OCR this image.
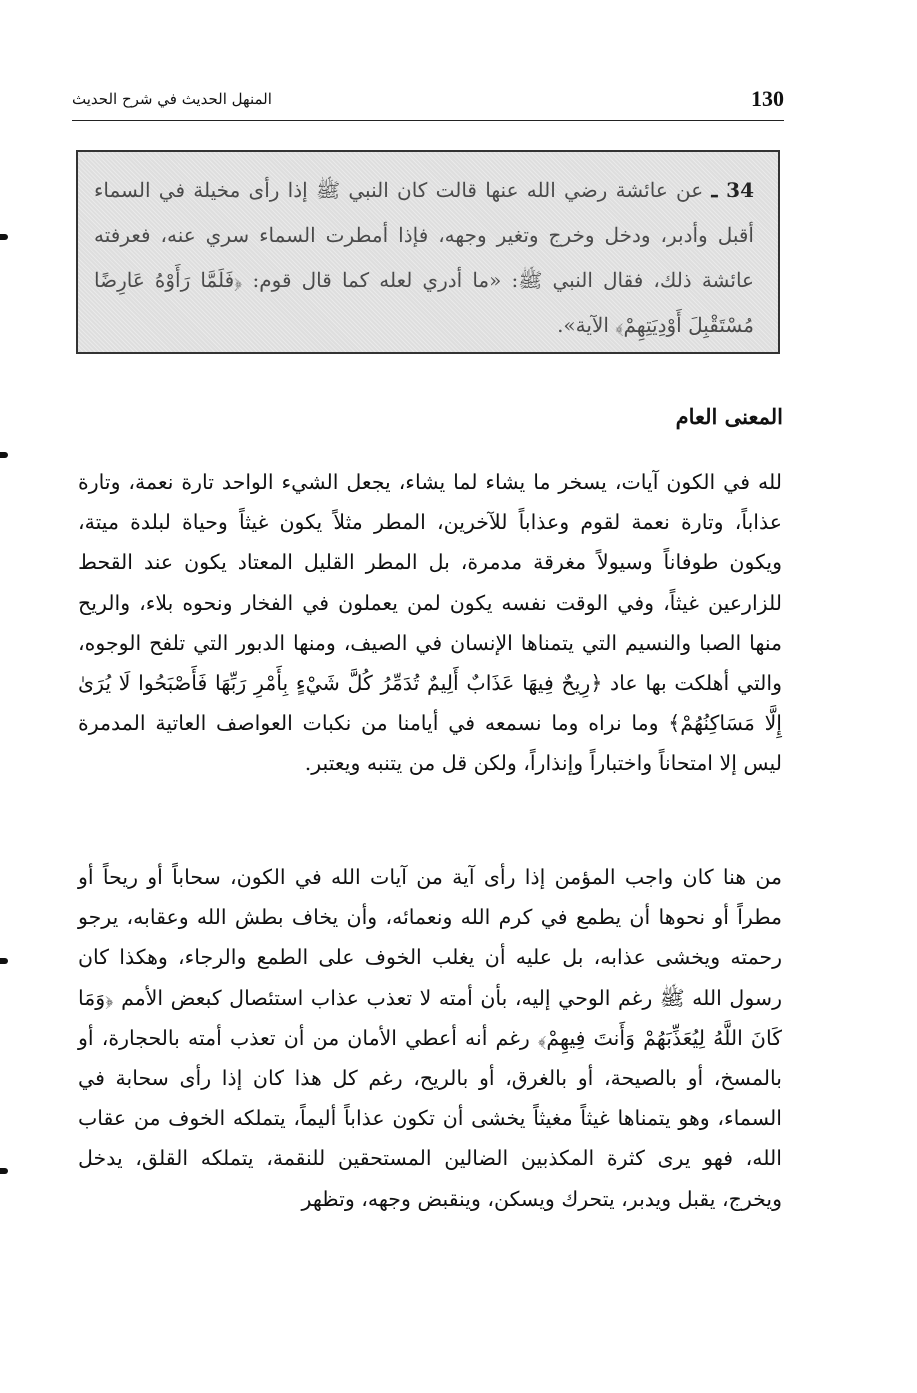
130
المنهل الحديث في شرح الحديث

34 ـ عن عائشة رضي الله عنها قالت كان النبي ﷺ إذا رأى مخيلة في السماء أقبل وأدبر، ودخل وخرج وتغير وجهه، فإذا أمطرت السماء سري عنه، فعرفته عائشة ذلك، فقال النبي ﷺ: «ما أدري لعله كما قال قوم: ﴿فَلَمَّا رَأَوْهُ عَارِضًا مُسْتَقْبِلَ أَوْدِيَتِهِمْ﴾ الآية».

المعنى العام

لله في الكون آيات، يسخر ما يشاء لما يشاء، يجعل الشيء الواحد تارة نعمة، وتارة عذاباً، وتارة نعمة لقوم وعذاباً للآخرين، المطر مثلاً يكون غيثاً وحياة لبلدة ميتة، ويكون طوفاناً وسيولاً مغرقة مدمرة، بل المطر القليل المعتاد يكون عند القحط للزارعين غيثاً، وفي الوقت نفسه يكون لمن يعملون في الفخار ونحوه بلاء، والريح منها الصبا والنسيم التي يتمناها الإنسان في الصيف، ومنها الدبور التي تلفح الوجوه، والتي أهلكت بها عاد ﴿رِيحٌ فِيهَا عَذَابٌ أَلِيمٌ تُدَمِّرُ كُلَّ شَيْءٍ بِأَمْرِ رَبِّهَا فَأَصْبَحُوا لَا يُرَىٰ إِلَّا مَسَاكِنُهُمْ﴾ وما نراه وما نسمعه في أيامنا من نكبات العواصف العاتية المدمرة ليس إلا امتحاناً واختباراً وإنذاراً، ولكن قل من يتنبه ويعتبر.

من هنا كان واجب المؤمن إذا رأى آية من آيات الله في الكون، سحاباً أو ريحاً أو مطراً أو نحوها أن يطمع في كرم الله ونعمائه، وأن يخاف بطش الله وعقابه، يرجو رحمته ويخشى عذابه، بل عليه أن يغلب الخوف على الطمع والرجاء، وهكذا كان رسول الله ﷺ رغم الوحي إليه، بأن أمته لا تعذب عذاب استئصال كبعض الأمم ﴿وَمَا كَانَ اللَّهُ لِيُعَذِّبَهُمْ وَأَنتَ فِيهِمْ﴾ رغم أنه أعطي الأمان من أن تعذب أمته بالحجارة، أو بالمسخ، أو بالصيحة، أو بالغرق، أو بالريح، رغم كل هذا كان إذا رأى سحابة في السماء، وهو يتمناها غيثاً مغيثاً يخشى أن تكون عذاباً أليماً، يتملكه الخوف من عقاب الله، فهو يرى كثرة المكذبين الضالين المستحقين للنقمة، يتملكه القلق، يدخل ويخرج، يقبل ويدبر، يتحرك ويسكن، وينقبض وجهه، وتظهر
